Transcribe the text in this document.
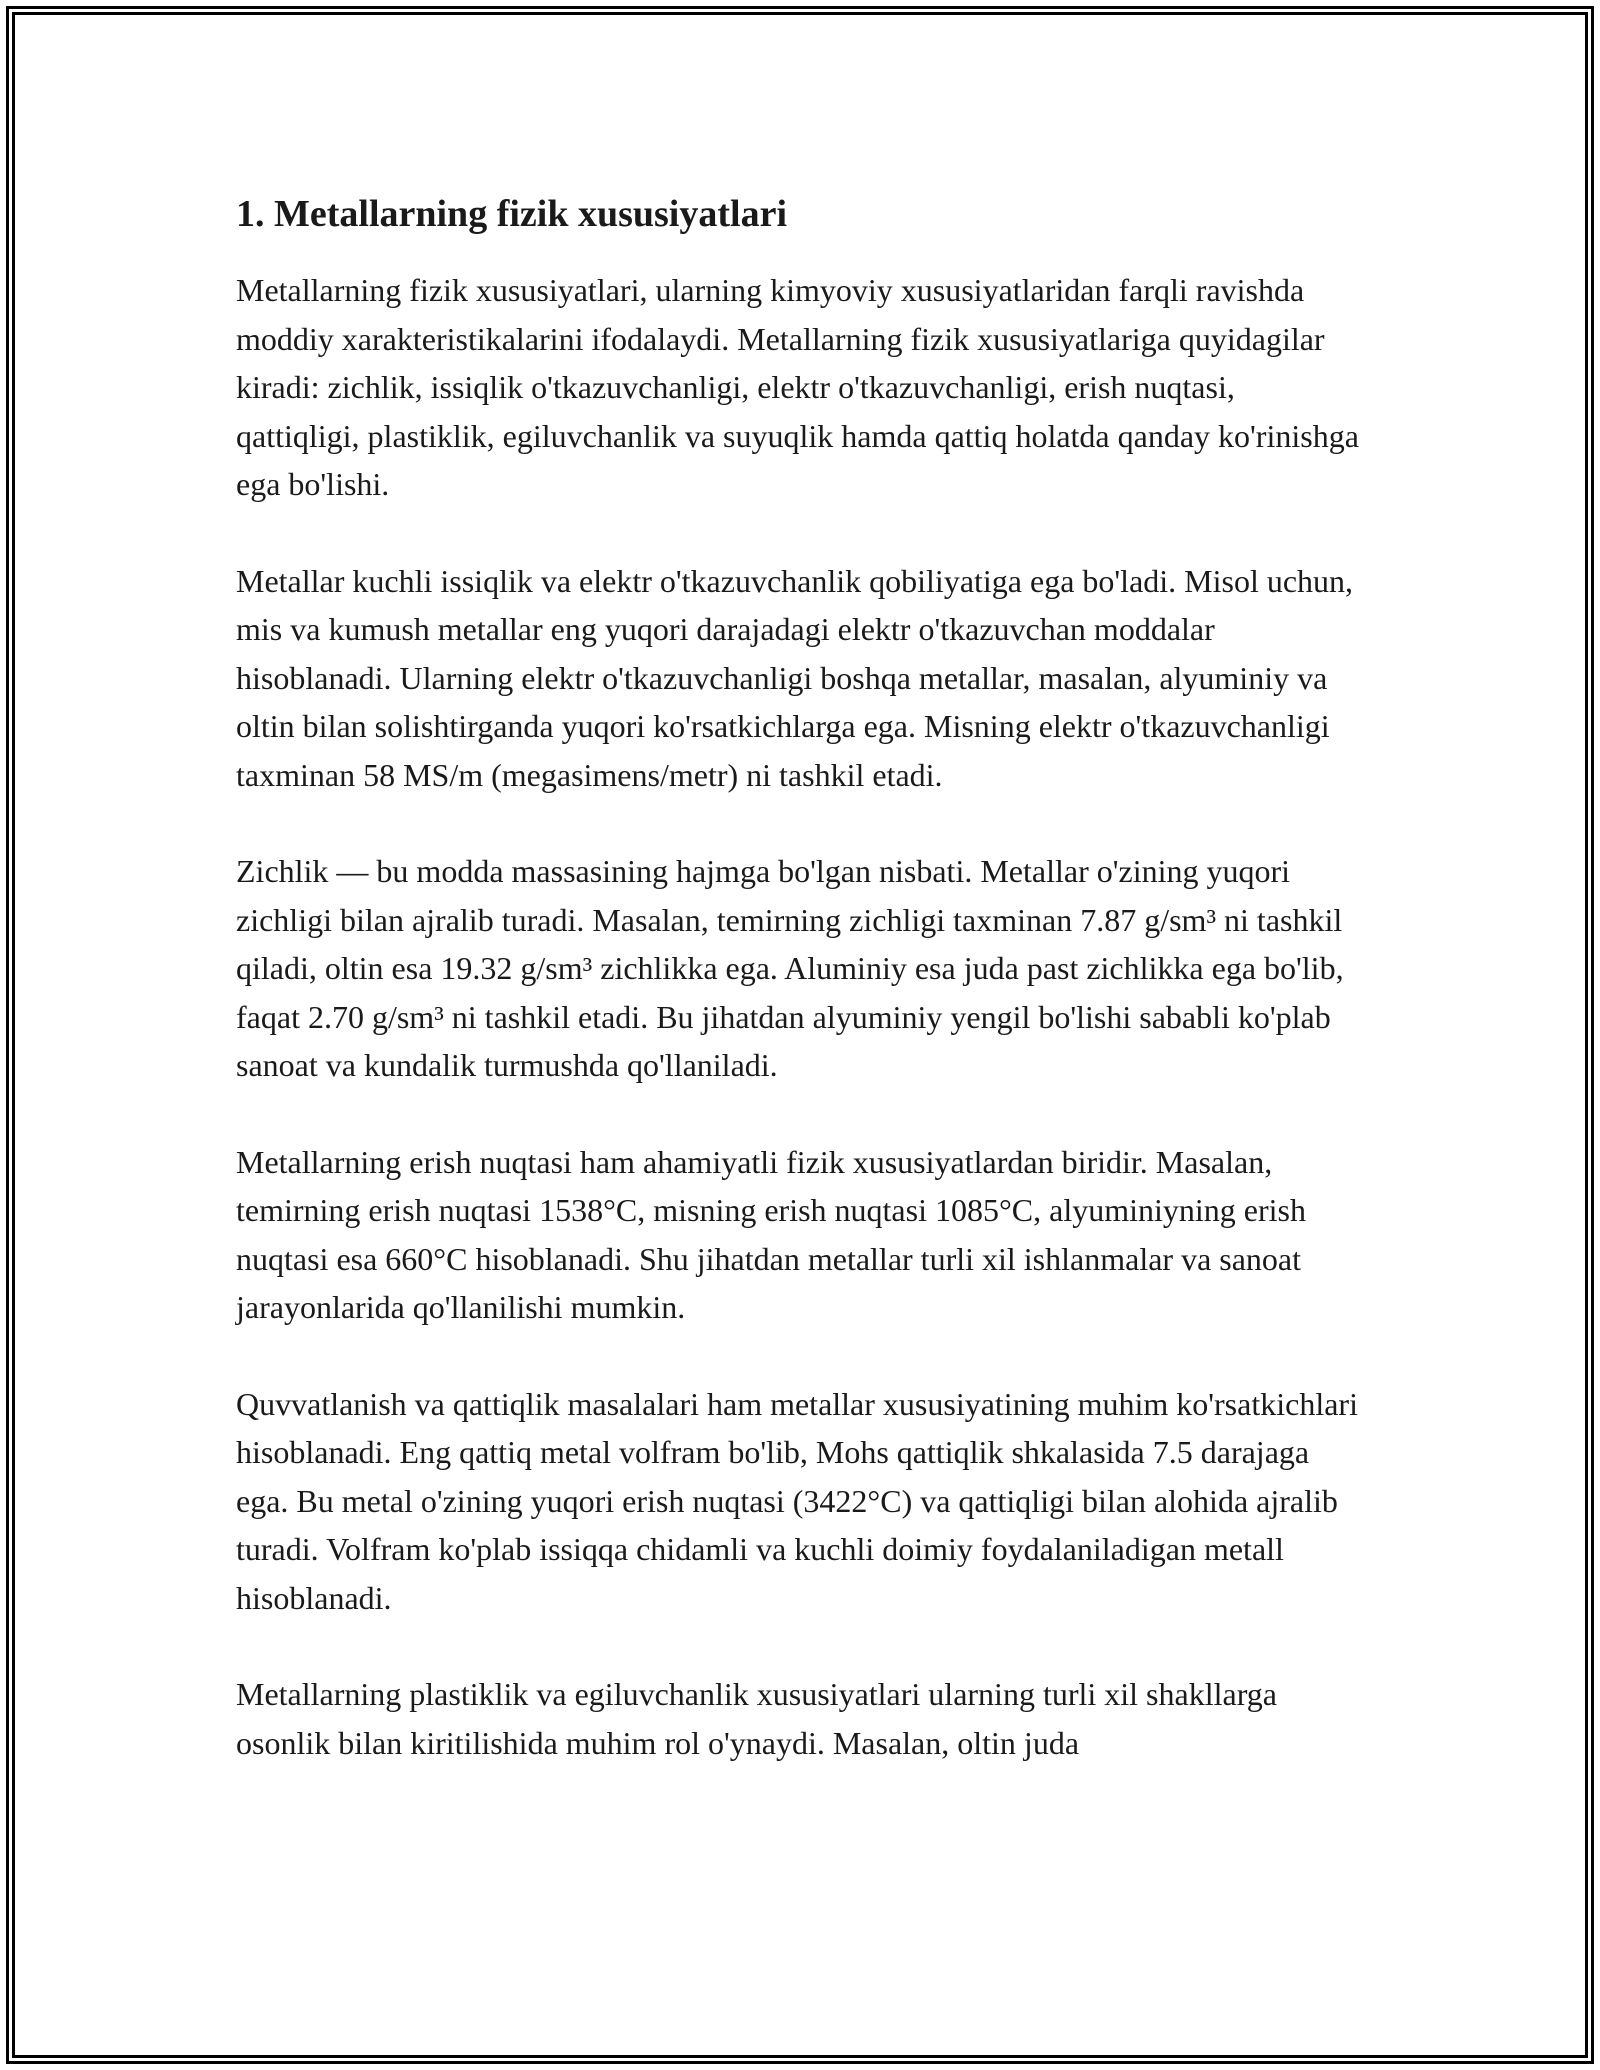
1. Metallarning fizik xususiyatlari

Metallarning fizik xususiyatlari, ularning kimyoviy xususiyatlaridan farqli ravishda moddiy xarakteristikalarini ifodalaydi. Metallarning fizik xususiyatlariga quyidagilar kiradi: zichlik, issiqlik o'tkazuvchanligi, elektr o'tkazuvchanligi, erish nuqtasi, qattiqligi, plastiklik, egiluvchanlik va suyuqlik hamda qattiq holatda qanday ko'rinishga ega bo'lishi.

Metallar kuchli issiqlik va elektr o'tkazuvchanlik qobiliyatiga ega bo'ladi. Misol uchun, mis va kumush metallar eng yuqori darajadagi elektr o'tkazuvchan moddalar hisoblanadi. Ularning elektr o'tkazuvchanligi boshqa metallar, masalan, alyuminiy va oltin bilan solishtirganda yuqori ko'rsatkichlarga ega. Misning elektr o'tkazuvchanligi taxminan 58 MS/m (megasimens/metr) ni tashkil etadi.

Zichlik — bu modda massasining hajmga bo'lgan nisbati. Metallar o'zining yuqori zichligi bilan ajralib turadi. Masalan, temirning zichligi taxminan 7.87 g/sm³ ni tashkil qiladi, oltin esa 19.32 g/sm³ zichlikka ega. Aluminiy esa juda past zichlikka ega bo'lib, faqat 2.70 g/sm³ ni tashkil etadi. Bu jihatdan alyuminiy yengil bo'lishi sababli ko'plab sanoat va kundalik turmushda qo'llaniladi.

Metallarning erish nuqtasi ham ahamiyatli fizik xususiyatlardan biridir. Masalan, temirning erish nuqtasi 1538°C, misning erish nuqtasi 1085°C, alyuminiyning erish nuqtasi esa 660°C hisoblanadi. Shu jihatdan metallar turli xil ishlanmalar va sanoat jarayonlarida qo'llanilishi mumkin.

Quvvatlanish va qattiqlik masalalari ham metallar xususiyatining muhim ko'rsatkichlari hisoblanadi. Eng qattiq metal volfram bo'lib, Mohs qattiqlik shkalasida 7.5 darajaga ega. Bu metal o'zining yuqori erish nuqtasi (3422°C) va qattiqligi bilan alohida ajralib turadi. Volfram ko'plab issiqqa chidamli va kuchli doimiy foydalaniladigan metall hisoblanadi.

Metallarning plastiklik va egiluvchanlik xususiyatlari ularning turli xil shakllarga osonlik bilan kiritilishida muhim rol o'ynaydi. Masalan, oltin juda
